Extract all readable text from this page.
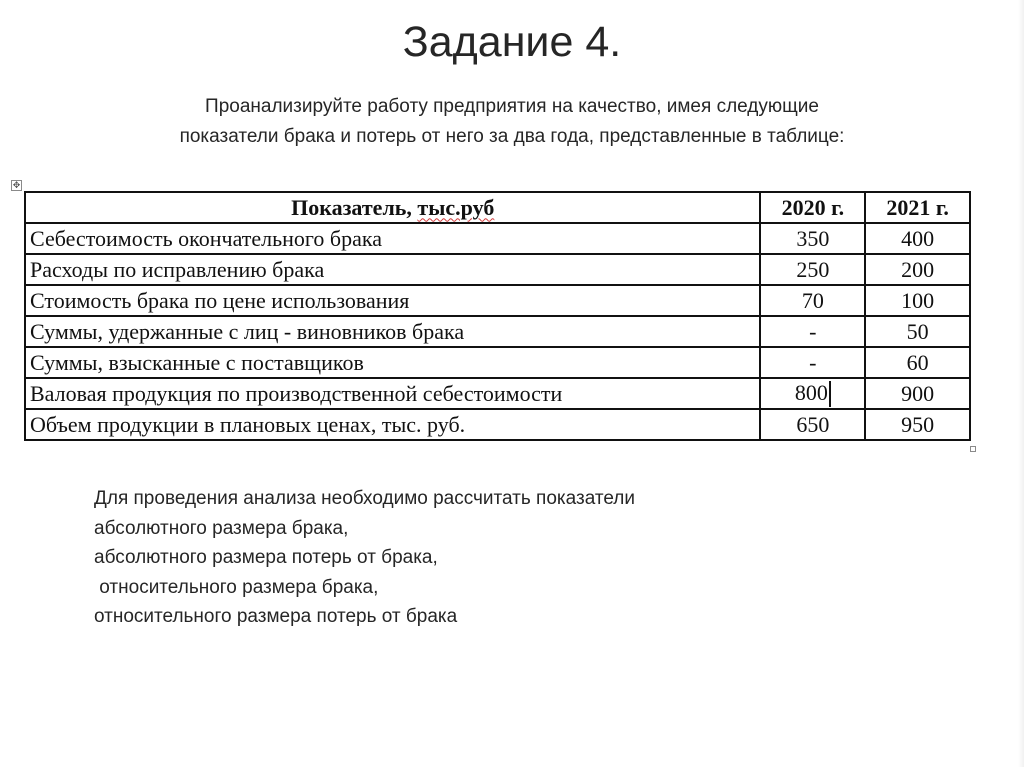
Задание 4.
Проанализируйте работу предприятия на качество, имея следующие
показатели брака и потерь от него за два года, представленные в таблице:
✥
Показатель, тыс.руб	2020 г.	2021 г.
Себестоимость окончательного брака	350	400
Расходы по исправлению брака	250	200
Стоимость брака по цене использования	70	100
Суммы, удержанные с лиц - виновников брака	-	50
Суммы, взысканные с поставщиков	-	60
Валовая продукция по производственной себестоимости	800	900
Объем продукции в плановых ценах, тыс. руб.	650	950
Для проведения анализа необходимо рассчитать показатели
абсолютного размера брака,
абсолютного размера потерь от брака,
относительного размера брака,
относительного размера потерь от брака
